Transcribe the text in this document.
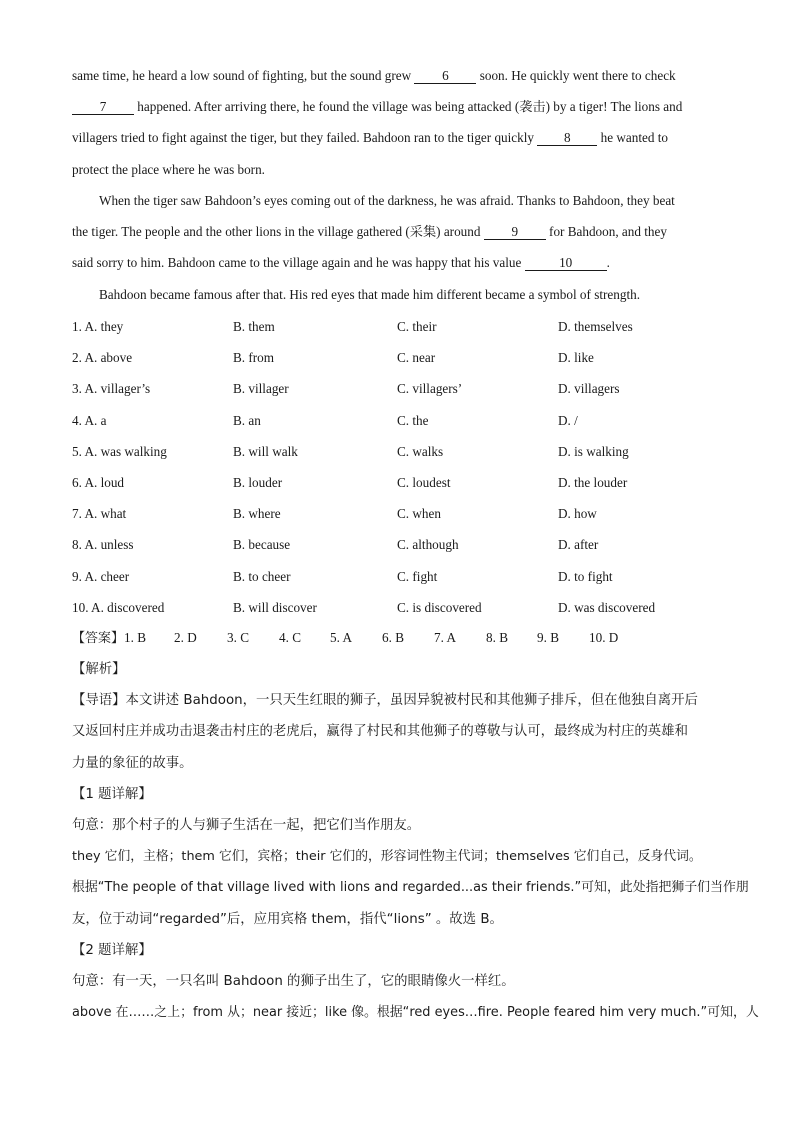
same time, he heard a low sound of fighting, but the sound grew 6 soon. He quickly went there to check
7 happened. After arriving there, he found the village was being attacked (袭击) by a tiger! The lions and
villagers tried to fight against the tiger, but they failed. Bahdoon ran to the tiger quickly 8 he wanted to
protect the place where he was born.
When the tiger saw Bahdoon’s eyes coming out of the darkness, he was afraid. Thanks to Bahdoon, they beat
the tiger. The people and the other lions in the village gathered (采集) around 9 for Bahdoon, and they
said sorry to him. Bahdoon came to the village again and he was happy that his value	10	.
Bahdoon became famous after that. His red eyes that made him different became a symbol of strength.
1. A. they	B. them	C. their	D. themselves
2. A. above	B. from	C. near	D. like
3. A. villager’s	B. villager	C. villagers’	D. villagers
4. A. a	B. an	C. the	D. /
5. A. was walking	B. will walk	C. walks	D. is walking
6. A. loud	B. louder	C. loudest	D. the louder
7. A. what	B. where	C. when	D. how
8. A. unless	B. because	C. although	D. after
9. A. cheer	B. to cheer	C. fight	D. to fight
10. A. discovered	B. will discover	C. is discovered	D. was discovered
【答案】1. B 2. D 3. C 4. C 5. A 6. B 7. A 8. B 9. B 10. D
【解析】
【导语】本文讲述 Bahdoon，一只天生红眼的狮子，虽因异貌被村民和其他狮子排斥，但在他独自离开后
又返回村庄并成功击退袭击村庄的老虎后，赢得了村民和其他狮子的尊敬与认可，最终成为村庄的英雄和
力量的象征的故事。
【1 题详解】
句意：那个村子的人与狮子生活在一起，把它们当作朋友。
they 它们，主格；them 它们，宾格；their 它们的，形容词性物主代词；themselves 它们自己，反身代词。
根据“The people of that village lived with lions and regarded...as their friends.”可知，此处指把狮子们当作朋
友，位于动词“regarded”后，应用宾格 them，指代“lions” 。故选 B。
【2 题详解】
句意：有一天，一只名叫 Bahdoon 的狮子出生了，它的眼睛像火一样红。
above 在……之上；from 从；near 接近；like 像。根据“red eyes…fire. People feared him very much.”可知，人
